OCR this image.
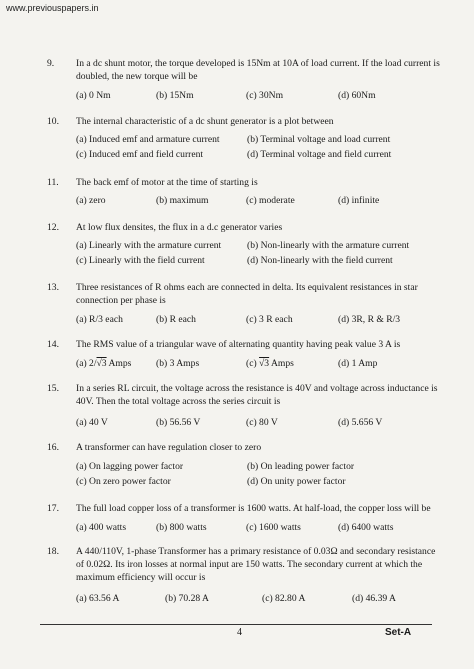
www.previouspapers.in
9.	In a dc shunt motor, the torque developed is 15Nm at 10A of load current. If the load current is
doubled, the new torque will be
(a) 0 Nm	(b) 15Nm	(c) 30Nm	(d) 60Nm
10.	The internal characteristic of a dc shunt generator is a plot between
(a) Induced emf and armature current	(b) Terminal voltage and load current
(c) Induced emf and field current	(d) Terminal voltage and field current
11.	The back emf of motor at the time of starting is
(a) zero	(b) maximum	(c) moderate	(d) infinite
12.	At low flux densites, the flux in a d.c generator varies
(a) Linearly with the armature current	(b) Non-linearly with the armature current
(c) Linearly with the field current	(d) Non-linearly with the field current
13.	Three resistances of R ohms each are connected in delta. Its equivalent resistances in star
connection per phase is
(a) R/3 each	(b) R each	(c) 3 R each	(d) 3R, R & R/3
14.	The RMS value of a triangular wave of alternating quantity having peak value 3 A is
(a) 2/√3 Amps	(b) 3 Amps	(c) √3 Amps	(d) 1 Amp
15.	In a series RL circuit, the voltage across the resistance is 40V and voltage across inductance is
40V. Then the total voltage across the series circuit is
(a) 40 V	(b) 56.56 V	(c) 80 V	(d) 5.656 V
16.	A transformer can have regulation closer to zero
(a) On lagging power factor	(b) On leading power factor
(c) On zero power factor	(d) On unity power factor
17.	The full load copper loss of a transformer is 1600 watts. At half-load, the copper loss will be
(a) 400 watts	(b) 800 watts	(c) 1600 watts	(d) 6400 watts
18.	A 440/110V, 1-phase Transformer has a primary resistance of 0.03Ω and secondary resistance
of 0.02Ω. Its iron losses at normal input are 150 watts. The secondary current at which the
maximum efficiency will occur is
(a) 63.56 A	(b) 70.28 A	(c) 82.80 A	(d) 46.39 A
4	Set-A
